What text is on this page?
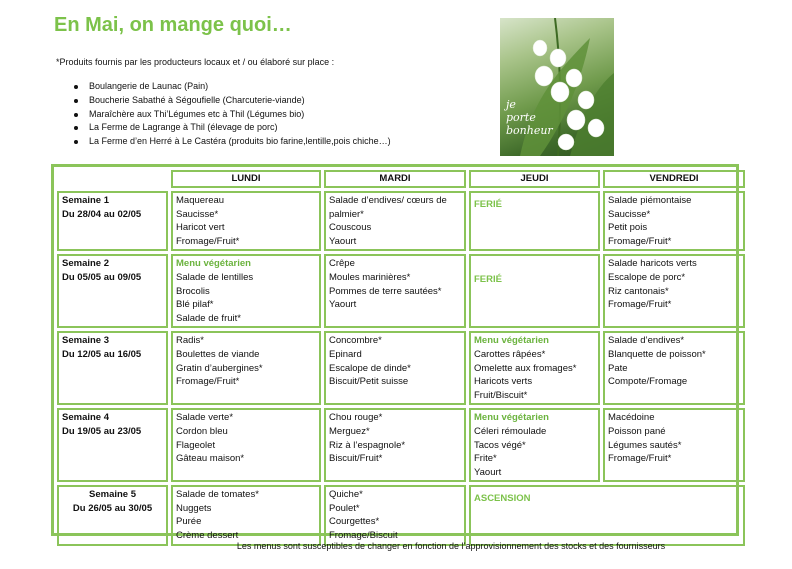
En Mai, on mange quoi…
*Produits fournis par les producteurs locaux et / ou élaboré sur place :
Boulangerie de Launac (Pain)
Boucherie Sabathé à Ségoufielle (Charcuterie-viande)
Maraîchère aux Thi’Légumes etc à Thil (Légumes bio)
La Ferme de Lagrange à Thil (élevage de porc)
La Ferme d’en Herré à Le Castéra (produits bio farine,lentille,pois chiche…)
je
porte
bonheur
	LUNDI	MARDI	JEUDI	VENDREDI

Semaine 1
Du 28/04 au 02/05	Maquereau
Saucisse*
Haricot vert
Fromage/Fruit*	Salade d’endives/ cœurs de
palmier*
Couscous
Yaourt	FERIÉ	Salade piémontaise
Saucisse*
Petit pois
Fromage/Fruit*

Semaine 2
Du 05/05 au 09/05	Menu végétarien
Salade de lentilles
Brocolis
Blé pilaf*
Salade de fruit*	Crêpe
Moules marinières*
Pommes de terre sautées*
Yaourt	FERIÉ	Salade haricots verts
Escalope de porc*
Riz cantonais*
Fromage/Fruit*

Semaine 3
Du 12/05 au 16/05	Radis*
Boulettes de viande
Gratin d’aubergines*
Fromage/Fruit*	Concombre*
Epinard
Escalope de dinde*
Biscuit/Petit suisse	Menu végétarien
Carottes râpées*
Omelette aux fromages*
Haricots verts
Fruit/Biscuit*	Salade d’endives*
Blanquette de poisson*
Pate
Compote/Fromage

Semaine 4
Du 19/05 au 23/05	Salade verte*
Cordon bleu
Flageolet
Gâteau maison*	Chou rouge*
Merguez*
Riz à l’espagnole*
Biscuit/Fruit*	Menu végétarien
Céleri rémoulade
Tacos végé*
Frite*
Yaourt	Macédoine
Poisson pané
Légumes sautés*
Fromage/Fruit*

Semaine 5
Du 26/05 au 30/05	Salade de tomates*
Nuggets
Purée
Crème dessert	Quiche*
Poulet*
Courgettes*
Fromage/Biscuit	ASCENSION	
Les menus sont susceptibles de changer en fonction de l’approvisionnement des stocks et des fournisseurs
